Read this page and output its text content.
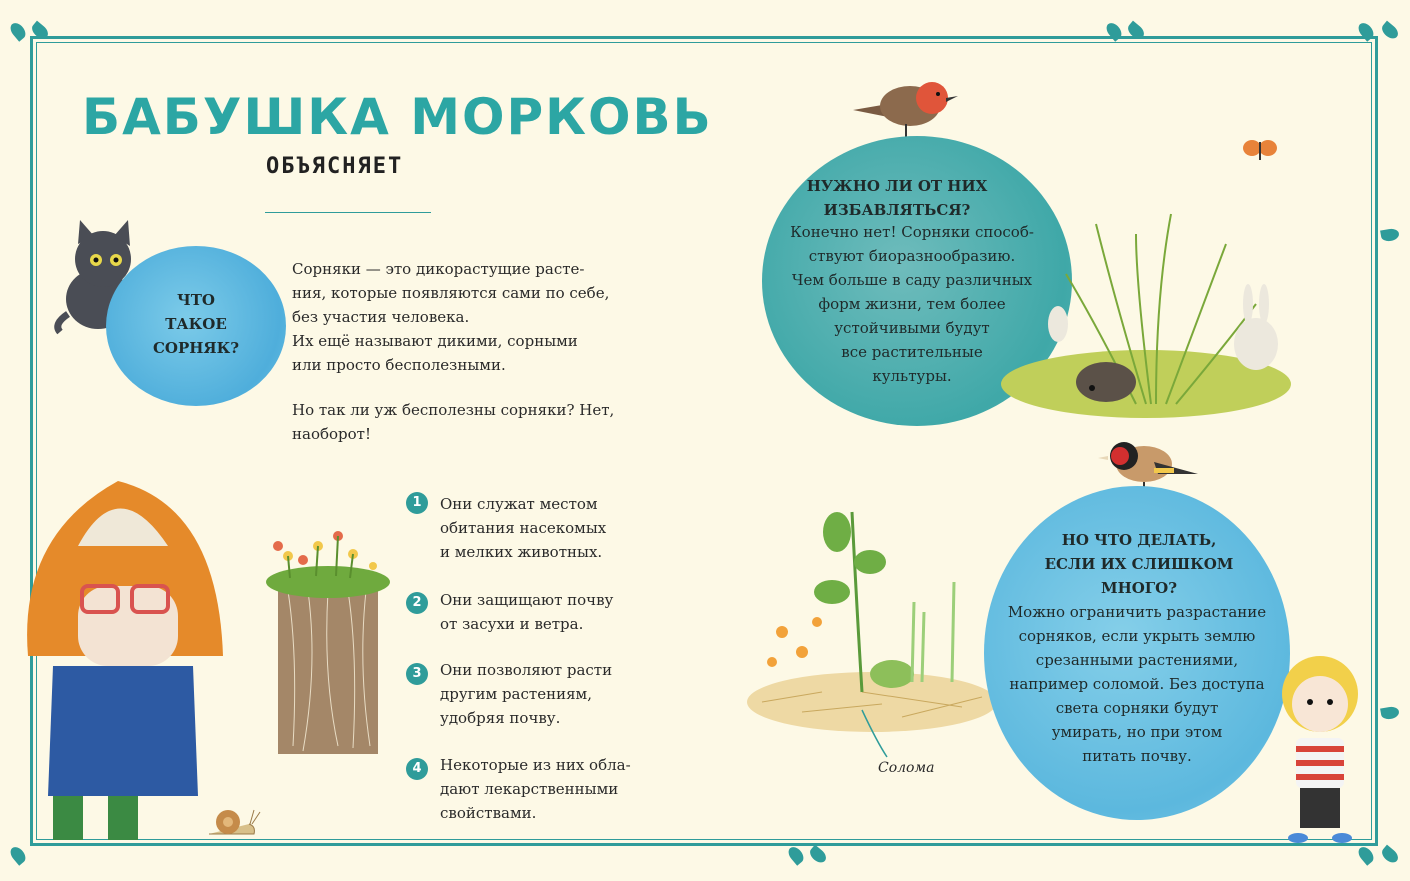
БАБУШКА МОРКОВЬ
ОБЪЯСНЯЕТ
ЧТО
ТАКОЕ
СОРНЯК?
Сорняки — это дикорастущие расте-
ния, которые появляются сами по себе,
без участия человека.
Их ещё называют дикими, сорными
или просто бесполезными.
Но так ли уж бесполезны сорняки? Нет,
наоборот!
1	Они служат местом
обитания насекомых
и мелких животных.
2	Они защищают почву
от засухи и ветра.
3	Они позволяют расти
другим растениям,
удобряя почву.
4	Некоторые из них обла-
дают лекарственными
свойствами.
НУЖНО ЛИ ОТ НИХ
ИЗБАВЛЯТЬСЯ?
Конечно нет! Сорняки способ-
ствуют биоразнообразию.
Чем больше в саду различных
форм жизни, тем более
устойчивыми будут
все растительные
культуры.
Солома
НО ЧТО ДЕЛАТЬ,
ЕСЛИ ИХ СЛИШКОМ
МНОГО?
Можно ограничить разрастание
сорняков, если укрыть землю
срезанными растениями,
например соломой. Без доступа
света сорняки будут
умирать, но при этом
питать почву.
